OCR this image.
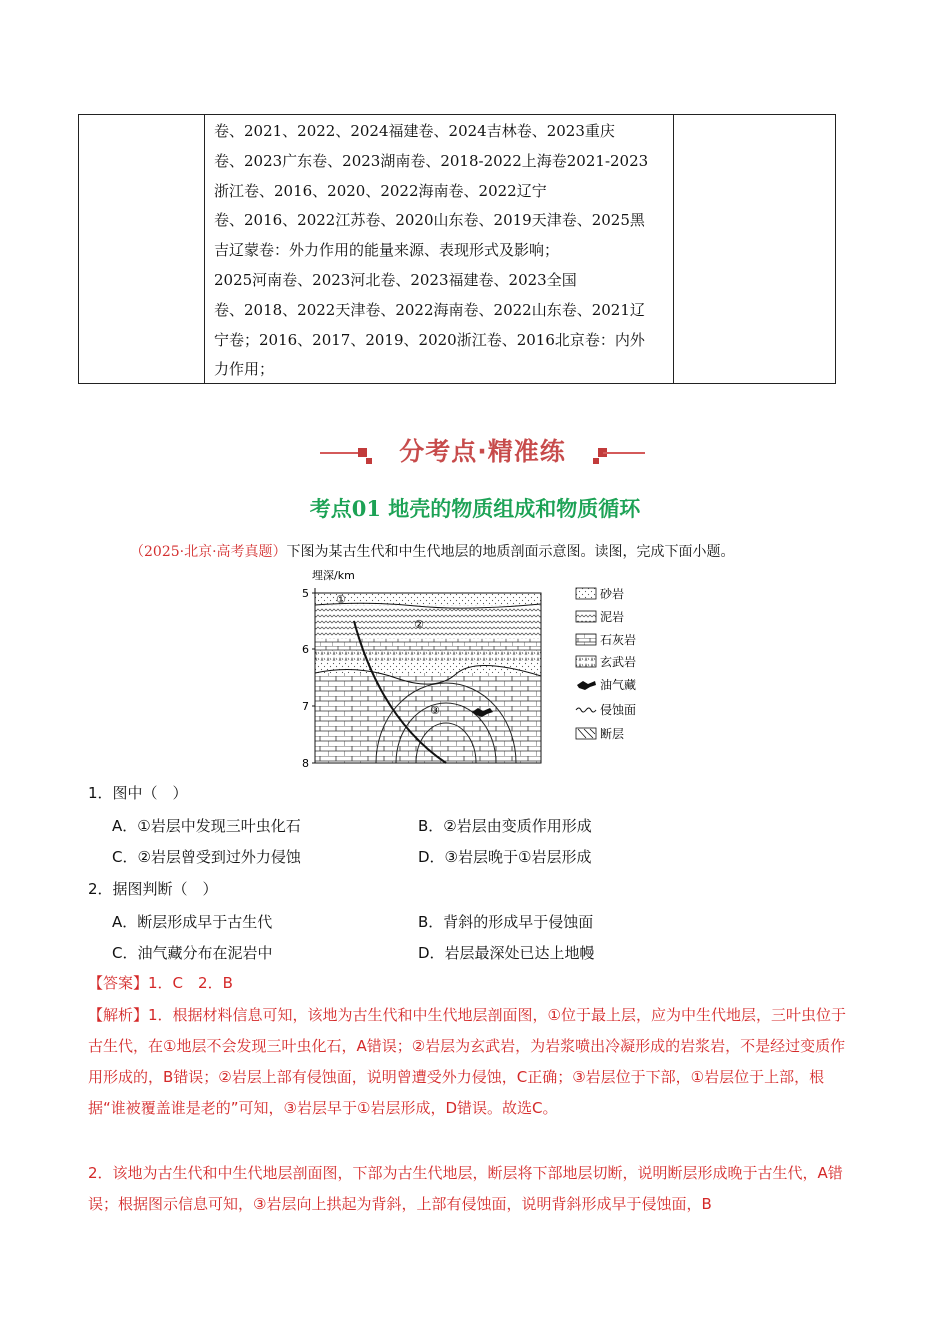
卷、2021、2022、2024福建卷、2024吉林卷、2023重庆
卷、2023广东卷、2023湖南卷、2018-2022上海卷2021-2023
浙江卷、2016、2020、2022海南卷、2022辽宁
卷、2016、2022江苏卷、2020山东卷、2019天津卷、2025黑
吉辽蒙卷：外力作用的能量来源、表现形式及影响；
2025河南卷、2023河北卷、2023福建卷、2023全国
卷、2018、2022天津卷、2022海南卷、2022山东卷、2021辽
宁卷；2016、2017、2019、2020浙江卷、2016北京卷：内外
力作用；
分考点·精准练
考点01 地壳的物质组成和物质循环
（2025·北京·高考真题）下图为某古生代和中生代地层的地质剖面示意图。读图，完成下面小题。
埋深/km
5
6
7
8
①
②
③
砂岩
泥岩
石灰岩
玄武岩
油气藏
侵蚀面
断层
1．图中（　）
A．①岩层中发现三叶虫化石	B．②岩层由变质作用形成
C．②岩层曾受到过外力侵蚀	D．③岩层晚于①岩层形成
2．据图判断（　）
A．断层形成早于古生代	B．背斜的形成早于侵蚀面
C．油气藏分布在泥岩中	D．岩层最深处已达上地幔
【答案】1．C　2．B
【解析】1．根据材料信息可知，该地为古生代和中生代地层剖面图，①位于最上层，应为中生代地层，三叶虫位于古生代，在①地层不会发现三叶虫化石，A错误；②岩层为玄武岩，为岩浆喷出冷凝形成的岩浆岩，不是经过变质作用形成的，B错误；②岩层上部有侵蚀面，说明曾遭受外力侵蚀，C正确；③岩层位于下部，①岩层位于上部，根据“谁被覆盖谁是老的”可知，③岩层早于①岩层形成，D错误。故选C。
2．该地为古生代和中生代地层剖面图，下部为古生代地层，断层将下部地层切断，说明断层形成晚于古生代，A错误；根据图示信息可知，③岩层向上拱起为背斜，上部有侵蚀面，说明背斜形成早于侵蚀面，B
